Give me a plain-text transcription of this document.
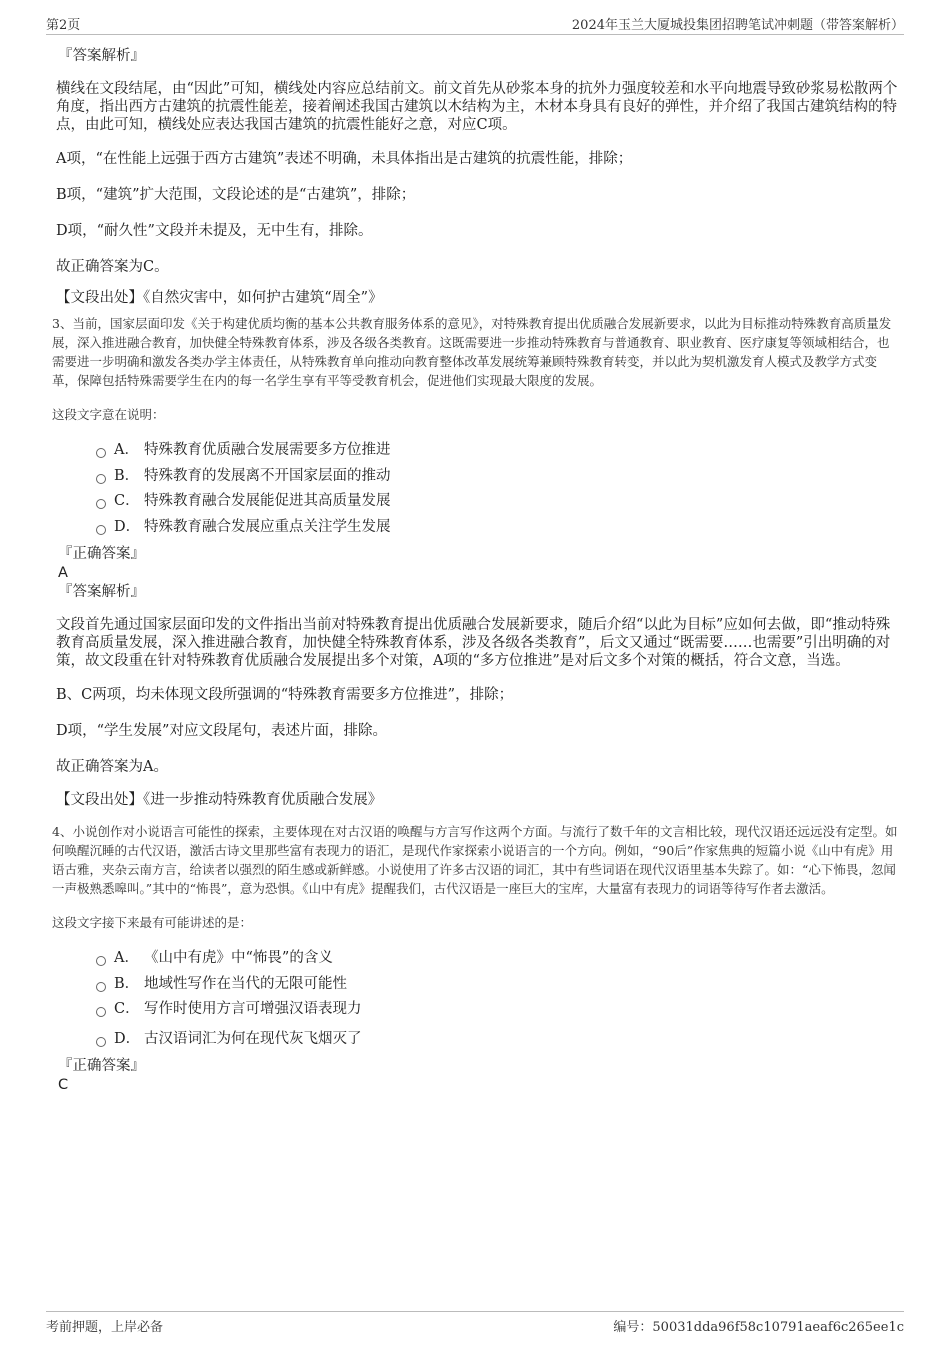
第2页	2024年玉兰大厦城投集团招聘笔试冲刺题（带答案解析）
『答案解析』

横线在文段结尾，由“因此”可知，横线处内容应总结前文。前文首先从砂浆本身的抗外力强度较差和水平向地震导致砂浆易松散两个角度，指出西方古建筑的抗震性能差，接着阐述我国古建筑以木结构为主，木材本身具有良好的弹性，并介绍了我国古建筑结构的特点，由此可知，横线处应表达我国古建筑的抗震性能好之意，对应C项。

A项，“在性能上远强于西方古建筑”表述不明确，未具体指出是古建筑的抗震性能，排除；

B项，“建筑”扩大范围，文段论述的是“古建筑”，排除；

D项，“耐久性”文段并未提及，无中生有，排除。

故正确答案为C。

【文段出处】《自然灾害中，如何护古建筑“周全”》

3、当前，国家层面印发《关于构建优质均衡的基本公共教育服务体系的意见》，对特殊教育提出优质融合发展新要求，以此为目标推动特殊教育高质量发展，深入推进融合教育，加快健全特殊教育体系，涉及各级各类教育。这既需要进一步推动特殊教育与普通教育、职业教育、医疗康复等领域相结合，也需要进一步明确和激发各类办学主体责任，从特殊教育单向推动向教育整体改革发展统筹兼顾特殊教育转变，并以此为契机激发育人模式及教学方式变革，保障包括特殊需要学生在内的每一名学生享有平等受教育机会，促进他们实现最大限度的发展。

这段文字意在说明：

A． 特殊教育优质融合发展需要多方位推进
B． 特殊教育的发展离不开国家层面的推动
C． 特殊教育融合发展能促进其高质量发展
D． 特殊教育融合发展应重点关注学生发展
『正确答案』
A
『答案解析』

文段首先通过国家层面印发的文件指出当前对特殊教育提出优质融合发展新要求，随后介绍“以此为目标”应如何去做，即“推动特殊教育高质量发展，深入推进融合教育，加快健全特殊教育体系，涉及各级各类教育”，后文又通过“既需要……也需要”引出明确的对策，故文段重在针对特殊教育优质融合发展提出多个对策，A项的“多方位推进”是对后文多个对策的概括，符合文意，当选。

B、C两项，均未体现文段所强调的“特殊教育需要多方位推进”，排除；

D项，“学生发展”对应文段尾句，表述片面，排除。

故正确答案为A。

【文段出处】《进一步推动特殊教育优质融合发展》

4、小说创作对小说语言可能性的探索，主要体现在对古汉语的唤醒与方言写作这两个方面。与流行了数千年的文言相比较，现代汉语还远远没有定型。如何唤醒沉睡的古代汉语，激活古诗文里那些富有表现力的语汇，是现代作家探索小说语言的一个方向。例如，“90后”作家焦典的短篇小说《山中有虎》用语古雅，夹杂云南方言，给读者以强烈的陌生感或新鲜感。小说使用了许多古汉语的词汇，其中有些词语在现代汉语里基本失踪了。如：“心下怖畏，忽闻一声极熟悉嗥叫。”其中的“怖畏”，意为恐惧。《山中有虎》提醒我们，古代汉语是一座巨大的宝库，大量富有表现力的词语等待写作者去激活。

这段文字接下来最有可能讲述的是：

A． 《山中有虎》中“怖畏”的含义
B． 地域性写作在当代的无限可能性
C． 写作时使用方言可增强汉语表现力
D． 古汉语词汇为何在现代灰飞烟灭了
『正确答案』
C
考前押题，上岸必备	编号：50031dda96f58c10791aeaf6c265ee1c
